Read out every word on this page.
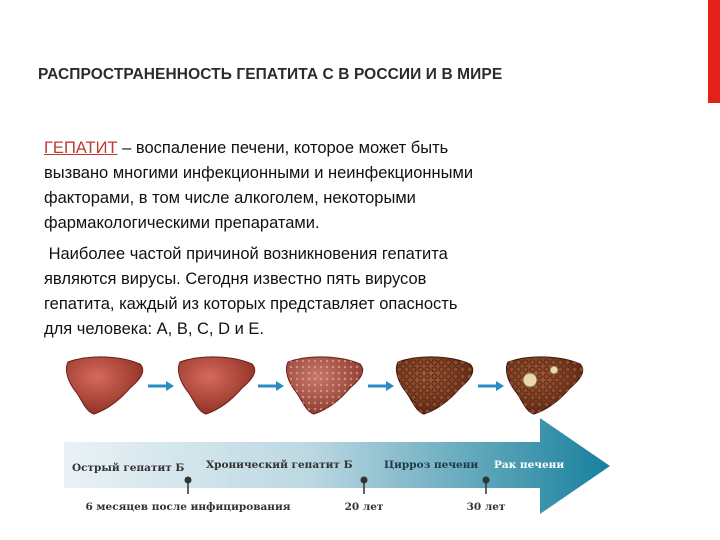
РАСПРОСТРАНЕННОСТЬ ГЕПАТИТА С В РОССИИ И В МИРЕ
ГЕПАТИТ – воспаление печени, которое может быть
вызвано многими инфекционными и неинфекционными
факторами, в том числе алкоголем, некоторыми
фармакологическими препаратами.
Наиболее частой причиной возникновения гепатита
являются вирусы. Сегодня известно пять вирусов
гепатита, каждый из которых представляет опасность
для человека: A, B, C, D и E.
Острый гепатит Б Хронический гепатит Б	Цирроз печени Рак печени
6 месяцев после инфицирования	20 лет	30 лет
